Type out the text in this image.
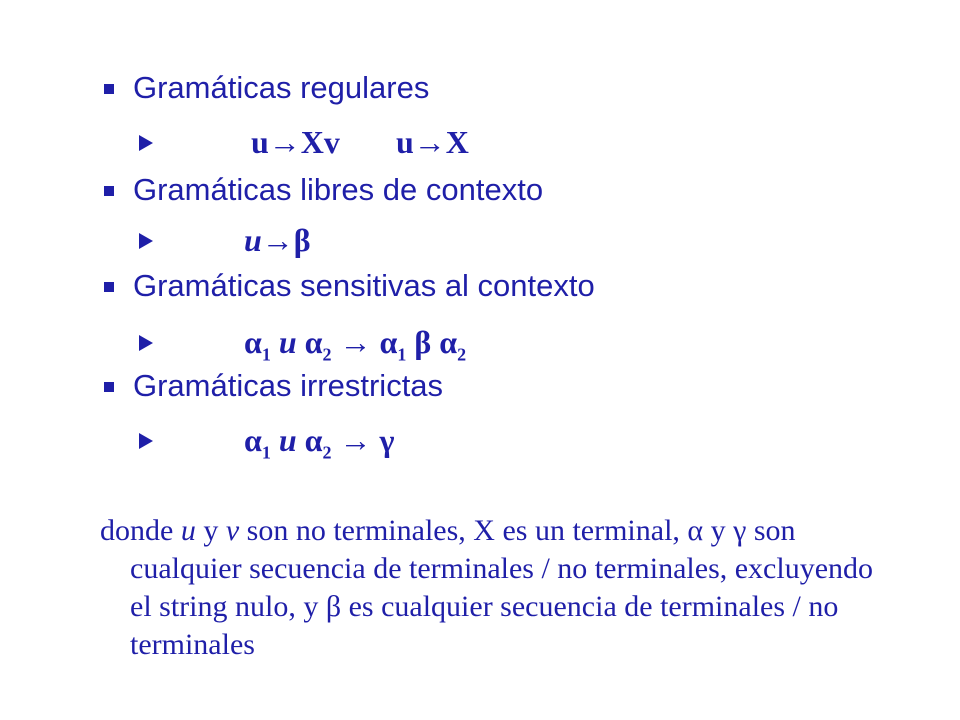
Gramáticas regulares
u→Xv u→X
Gramáticas libres de contexto
u→β
Gramáticas sensitivas al contexto
$\alpha_1$ u $\alpha_2 \to \alpha_1$ β $\alpha_2$
Gramáticas irrestrictas
$\alpha_1$ u $\alpha_2 \to \gamma$

donde u y v son no terminales, X es un terminal, α y γ son cualquier secuencia de terminales / no terminales, excluyendo el string nulo, y β es cualquier secuencia de terminales / no terminales
